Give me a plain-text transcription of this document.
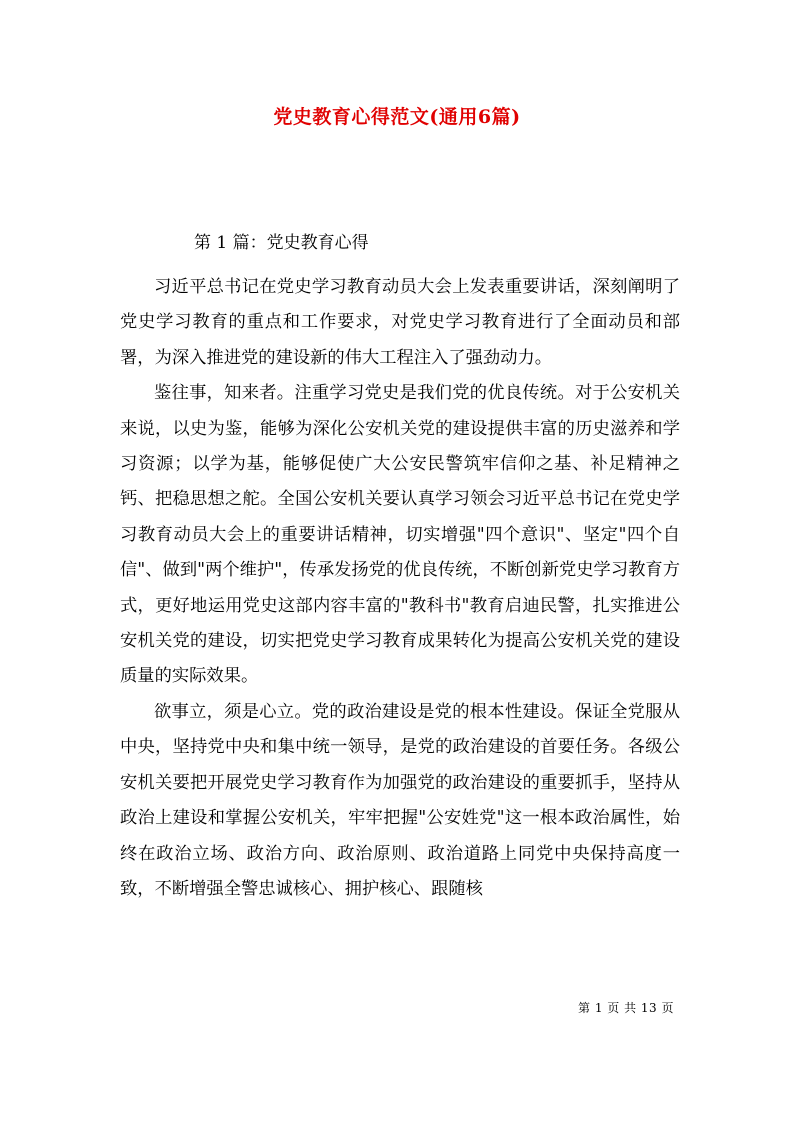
党史教育心得范文(通用6篇)
第 1 篇：党史教育心得

习近平总书记在党史学习教育动员大会上发表重要讲话，深刻阐明了党史学习教育的重点和工作要求，对党史学习教育进行了全面动员和部署，为深入推进党的建设新的伟大工程注入了强劲动力。

鉴往事，知来者。注重学习党史是我们党的优良传统。对于公安机关来说，以史为鉴，能够为深化公安机关党的建设提供丰富的历史滋养和学习资源；以学为基，能够促使广大公安民警筑牢信仰之基、补足精神之钙、把稳思想之舵。全国公安机关要认真学习领会习近平总书记在党史学习教育动员大会上的重要讲话精神，切实增强"四个意识"、坚定"四个自信"、做到"两个维护"，传承发扬党的优良传统，不断创新党史学习教育方式，更好地运用党史这部内容丰富的"教科书"教育启迪民警，扎实推进公安机关党的建设，切实把党史学习教育成果转化为提高公安机关党的建设质量的实际效果。

欲事立，须是心立。党的政治建设是党的根本性建设。保证全党服从中央，坚持党中央和集中统一领导，是党的政治建设的首要任务。各级公安机关要把开展党史学习教育作为加强党的政治建设的重要抓手，坚持从政治上建设和掌握公安机关，牢牢把握"公安姓党"这一根本政治属性，始终在政治立场、政治方向、政治原则、政治道路上同党中央保持高度一致，不断增强全警忠诚核心、拥护核心、跟随核

第 1 页 共 13 页
